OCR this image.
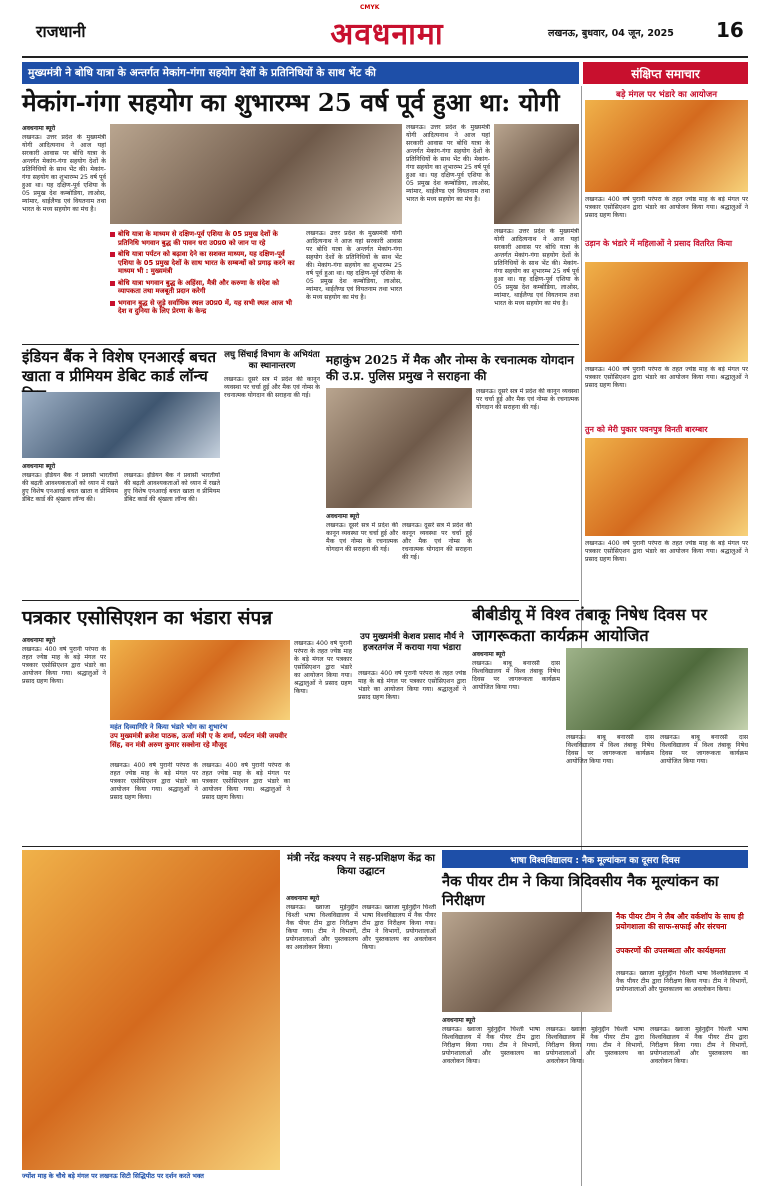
CMYK
राजधानी	अवधनामा	लखनऊ, बुधवार, 04 जून, 2025 16
मुख्यमंत्री ने बोधि यात्रा के अन्तर्गत मेकांग-गंगा सहयोग देशों के प्रतिनिधियों के साथ भेंट की	संक्षिप्त समाचार
मेकांग-गंगा सहयोग का शुभारम्भ 25 वर्ष पूर्व हुआ था: योगी
अवधनामा ब्यूरो
लखनऊ। उत्तर प्रदेश के मुख्यमंत्री योगी आदित्यनाथ ने आज यहां सरकारी आवास पर बोधि यात्रा के अन्तर्गत मेकांग-गंगा सहयोग देशों के प्रतिनिधियों के साथ भेंट की। मेकांग-गंगा सहयोग का शुभारम्भ 25 वर्ष पूर्व हुआ था। यह दक्षिण-पूर्व एशिया के 05 प्रमुख देश कम्बोडिया, लाओस, म्यांमार, थाईलैण्ड एवं वियतनाम तथा भारत के मध्य सहयोग का मंच है।
लखनऊ। उत्तर प्रदेश के मुख्यमंत्री योगी आदित्यनाथ ने आज यहां सरकारी आवास पर बोधि यात्रा के अन्तर्गत मेकांग-गंगा सहयोग देशों के प्रतिनिधियों के साथ भेंट की। मेकांग-गंगा सहयोग का शुभारम्भ 25 वर्ष पूर्व हुआ था। यह दक्षिण-पूर्व एशिया के 05 प्रमुख देश कम्बोडिया, लाओस, म्यांमार, थाईलैण्ड एवं वियतनाम तथा भारत के मध्य सहयोग का मंच है।
लखनऊ। उत्तर प्रदेश के मुख्यमंत्री योगी आदित्यनाथ ने आज यहां सरकारी आवास पर बोधि यात्रा के अन्तर्गत मेकांग-गंगा सहयोग देशों के प्रतिनिधियों के साथ भेंट की। मेकांग-गंगा सहयोग का शुभारम्भ 25 वर्ष पूर्व हुआ था। यह दक्षिण-पूर्व एशिया के 05 प्रमुख देश कम्बोडिया, लाओस, म्यांमार, थाईलैण्ड एवं वियतनाम तथा भारत के मध्य सहयोग का मंच है।
बोधि यात्रा के माध्यम से दक्षिण-पूर्व एशिया के 05 प्रमुख देशों के प्रतिनिधि भगवान बुद्ध की पावन धरा उ0प्र0 को जान पा रहे
बोधि यात्रा पर्यटन को बढ़ावा देने का सशक्त माध्यम, यह दक्षिण-पूर्व एशिया के 05 प्रमुख देशों के साथ भारत के सम्बन्धों को प्रगाढ़ करने का माध्यम भी : मुख्यमंत्री
बोधि यात्रा भगवान बुद्ध के अहिंसा, मैत्री और करुणा के संदेश को व्यापकता तथा मजबूती प्रदान करेगी
भगवान बुद्ध से जुड़े सर्वाधिक स्थल उ0प्र0 में, यह सभी स्थल आज भी देश व दुनिया के लिए प्रेरणा के केन्द्र
लखनऊ। उत्तर प्रदेश के मुख्यमंत्री योगी आदित्यनाथ ने आज यहां सरकारी आवास पर बोधि यात्रा के अन्तर्गत मेकांग-गंगा सहयोग देशों के प्रतिनिधियों के साथ भेंट की। मेकांग-गंगा सहयोग का शुभारम्भ 25 वर्ष पूर्व हुआ था। यह दक्षिण-पूर्व एशिया के 05 प्रमुख देश कम्बोडिया, लाओस, म्यांमार, थाईलैण्ड एवं वियतनाम तथा भारत के मध्य सहयोग का मंच है।
बड़े मंगल पर भंडारे का आयोजन
लखनऊ। 400 वर्ष पुरानी परंपरा के तहत ज्येष्ठ माह के बड़े मंगल पर पत्रकार एसोसिएशन द्वारा भंडारे का आयोजन किया गया। श्रद्धालुओं ने प्रसाद ग्रहण किया।
उड़ान के भंडारे में महिलाओं ने प्रसाद वितरित किया
लखनऊ। 400 वर्ष पुरानी परंपरा के तहत ज्येष्ठ माह के बड़े मंगल पर पत्रकार एसोसिएशन द्वारा भंडारे का आयोजन किया गया। श्रद्धालुओं ने प्रसाद ग्रहण किया।
तुन को मेरी पुकार पवनपुत्र विनती बारम्बार
लखनऊ। 400 वर्ष पुरानी परंपरा के तहत ज्येष्ठ माह के बड़े मंगल पर पत्रकार एसोसिएशन द्वारा भंडारे का आयोजन किया गया। श्रद्धालुओं ने प्रसाद ग्रहण किया।
इंडियन बैंक ने विशेष एनआरई बचत खाता व प्रीमियम डेबिट कार्ड लॉन्च
अवधनामा ब्यूरो
लखनऊ। इंडियन बैंक ने प्रवासी भारतीयों की बढ़ती आवश्यकताओं को ध्यान में रखते हुए विशेष एनआरई बचत खाता व प्रीमियम डेबिट कार्ड की श्रृंखला लॉन्च की।
लखनऊ। इंडियन बैंक ने प्रवासी भारतीयों की बढ़ती आवश्यकताओं को ध्यान में रखते हुए विशेष एनआरई बचत खाता व प्रीमियम डेबिट कार्ड की श्रृंखला लॉन्च की।
लघु सिंचाई विभाग के अभियंता का स्थानान्तरण
लखनऊ। दूसरे सत्र में प्रदेश की कानून व्यवस्था पर चर्चा हुई और मैक एवं नोम्स के रचनात्मक योगदान की सराहना की गई।
महाकुंभ 2025 में मैक और नोम्स के रचनात्मक योगदान की उ.प्र. पुलिस प्रमुख ने सराहना की
लखनऊ। दूसरे सत्र में प्रदेश की कानून व्यवस्था पर चर्चा हुई और मैक एवं नोम्स के रचनात्मक योगदान की सराहना की गई।
अवधनामा ब्यूरो
लखनऊ। दूसरे सत्र में प्रदेश की कानून व्यवस्था पर चर्चा हुई और मैक एवं नोम्स के रचनात्मक योगदान की सराहना की गई।
लखनऊ। दूसरे सत्र में प्रदेश की कानून व्यवस्था पर चर्चा हुई और मैक एवं नोम्स के रचनात्मक योगदान की सराहना की गई।
पत्रकार एसोसिएशन का भंडारा संपन्न
अवधनामा ब्यूरो
लखनऊ। 400 वर्ष पुरानी परंपरा के तहत ज्येष्ठ माह के बड़े मंगल पर पत्रकार एसोसिएशन द्वारा भंडारे का आयोजन किया गया। श्रद्धालुओं ने प्रसाद ग्रहण किया।
महंत दिव्यागिरि ने किया भंडारे भोग का शुभारंभ
उप मुख्यमंत्री ब्रजेश पाठक, ऊर्जा मंत्री ए के शर्मा, पर्यटन मंत्री जयवीर सिंह, वन मंत्री अरुण कुमार सक्सेना रहे मौजूद
लखनऊ। 400 वर्ष पुरानी परंपरा के तहत ज्येष्ठ माह के बड़े मंगल पर पत्रकार एसोसिएशन द्वारा भंडारे का आयोजन किया गया। श्रद्धालुओं ने प्रसाद ग्रहण किया।
लखनऊ। 400 वर्ष पुरानी परंपरा के तहत ज्येष्ठ माह के बड़े मंगल पर पत्रकार एसोसिएशन द्वारा भंडारे का आयोजन किया गया। श्रद्धालुओं ने प्रसाद ग्रहण किया।
लखनऊ। 400 वर्ष पुरानी परंपरा के तहत ज्येष्ठ माह के बड़े मंगल पर पत्रकार एसोसिएशन द्वारा भंडारे का आयोजन किया गया। श्रद्धालुओं ने प्रसाद ग्रहण किया।
उप मुख्यमंत्री केशव प्रसाद मौर्य ने हजरतगंज में कराया गया भंडारा
लखनऊ। 400 वर्ष पुरानी परंपरा के तहत ज्येष्ठ माह के बड़े मंगल पर पत्रकार एसोसिएशन द्वारा भंडारे का आयोजन किया गया। श्रद्धालुओं ने प्रसाद ग्रहण किया।
बीबीडीयू में विश्व तंबाकू निषेध दिवस पर जागरूकता कार्यक्रम आयोजित
अवधनामा ब्यूरो
लखनऊ। बाबू बनारसी दास विश्वविद्यालय में विश्व तंबाकू निषेध दिवस पर जागरूकता कार्यक्रम आयोजित किया गया।
लखनऊ। बाबू बनारसी दास विश्वविद्यालय में विश्व तंबाकू निषेध दिवस पर जागरूकता कार्यक्रम आयोजित किया गया।
लखनऊ। बाबू बनारसी दास विश्वविद्यालय में विश्व तंबाकू निषेध दिवस पर जागरूकता कार्यक्रम आयोजित किया गया।
ज्योंश माह के चौथे बड़े मंगल पर लखनऊ सिटी सिद्धिपीठ पर दर्शन करते भक्त
मंत्री नरेंद्र कश्यप ने सह-प्रशिक्षण केंद्र का किया उद्घाटन
अवधनामा ब्यूरो
लखनऊ। ख्वाजा मुईनुद्दीन चिश्ती भाषा विश्वविद्यालय में नैक पीयर टीम द्वारा निरीक्षण किया गया। टीम ने विभागों, प्रयोगशालाओं और पुस्तकालय का अवलोकन किया।
लखनऊ। ख्वाजा मुईनुद्दीन चिश्ती भाषा विश्वविद्यालय में नैक पीयर टीम द्वारा निरीक्षण किया गया। टीम ने विभागों, प्रयोगशालाओं और पुस्तकालय का अवलोकन किया।
भाषा विश्वविद्यालय : नैक मूल्यांकन का दूसरा दिवस
नैक पीयर टीम ने किया त्रिदिवसीय नैक मूल्यांकन का निरीक्षण
नैक पीयर टीम ने लैब और वर्कशॉप के साथ ही प्रयोगशाला की साफ-सफाई और संरचना
उपकरणों की उपलब्धता और कार्यक्षमता
लखनऊ। ख्वाजा मुईनुद्दीन चिश्ती भाषा विश्वविद्यालय में नैक पीयर टीम द्वारा निरीक्षण किया गया। टीम ने विभागों, प्रयोगशालाओं और पुस्तकालय का अवलोकन किया।
अवधनामा ब्यूरो
लखनऊ। ख्वाजा मुईनुद्दीन चिश्ती भाषा विश्वविद्यालय में नैक पीयर टीम द्वारा निरीक्षण किया गया। टीम ने विभागों, प्रयोगशालाओं और पुस्तकालय का अवलोकन किया।
लखनऊ। ख्वाजा मुईनुद्दीन चिश्ती भाषा विश्वविद्यालय में नैक पीयर टीम द्वारा निरीक्षण किया गया। टीम ने विभागों, प्रयोगशालाओं और पुस्तकालय का अवलोकन किया।
लखनऊ। ख्वाजा मुईनुद्दीन चिश्ती भाषा विश्वविद्यालय में नैक पीयर टीम द्वारा निरीक्षण किया गया। टीम ने विभागों, प्रयोगशालाओं और पुस्तकालय का अवलोकन किया।
